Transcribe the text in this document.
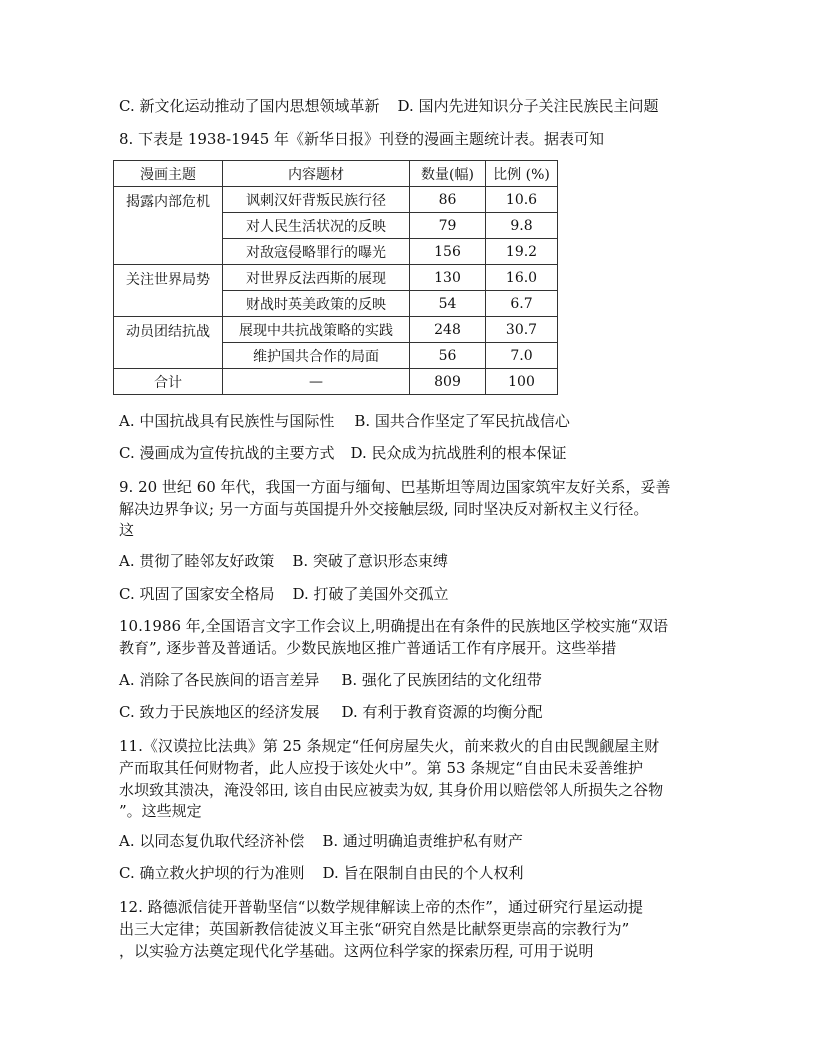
C. 新文化运动推动了国内思想领域革新 D. 国内先进知识分子关注民族民主问题
8. 下表是 1938-1945 年《新华日报》刊登的漫画主题统计表。据表可知
漫画主题	内容题材	数量(幅)	比例 (%)
揭露内部危机	讽刺汉奸背叛民族行径	86	10.6
	对人民生活状况的反映	79	9.8
	对敌寇侵略罪行的曝光	156	19.2
关注世界局势	对世界反法西斯的展现	130	16.0
	财战时英美政策的反映	54	6.7
动员团结抗战	展现中共抗战策略的实践	248	30.7
	维护国共合作的局面	56	7.0
合计	—	809	100
A. 中国抗战具有民族性与国际性 B. 国共合作坚定了军民抗战信心
C. 漫画成为宣传抗战的主要方式 D. 民众成为抗战胜利的根本保证
9. 20 世纪 60 年代，我国一方面与缅甸、巴基斯坦等周边国家筑牢友好关系，妥善
解决边界争议; 另一方面与英国提升外交接触层级, 同时坚决反对新权主义行径。
这
A. 贯彻了睦邻友好政策 B. 突破了意识形态束缚
C. 巩固了国家安全格局 D. 打破了美国外交孤立
10.1986 年,全国语言文字工作会议上,明确提出在有条件的民族地区学校实施“双语
教育”, 逐步普及普通话。少数民族地区推广普通话工作有序展开。这些举措
A. 消除了各民族间的语言差异 B. 强化了民族团结的文化纽带
C. 致力于民族地区的经济发展 D. 有利于教育资源的均衡分配
11.《汉谟拉比法典》第 25 条规定“任何房屋失火，前来救火的自由民觊觎屋主财
产而取其任何财物者，此人应投于该处火中”。第 53 条规定“自由民未妥善维护
水坝致其溃决，淹没邻田, 该自由民应被卖为奴, 其身价用以赔偿邻人所损失之谷物
”。这些规定
A. 以同态复仇取代经济补偿 B. 通过明确追责维护私有财产
C. 确立救火护坝的行为准则 D. 旨在限制自由民的个人权利
12. 路德派信徒开普勒坚信“以数学规律解读上帝的杰作”，通过研究行星运动提
出三大定律；英国新教信徒波义耳主张“研究自然是比献祭更崇高的宗教行为”
，以实验方法奠定现代化学基础。这两位科学家的探索历程, 可用于说明
